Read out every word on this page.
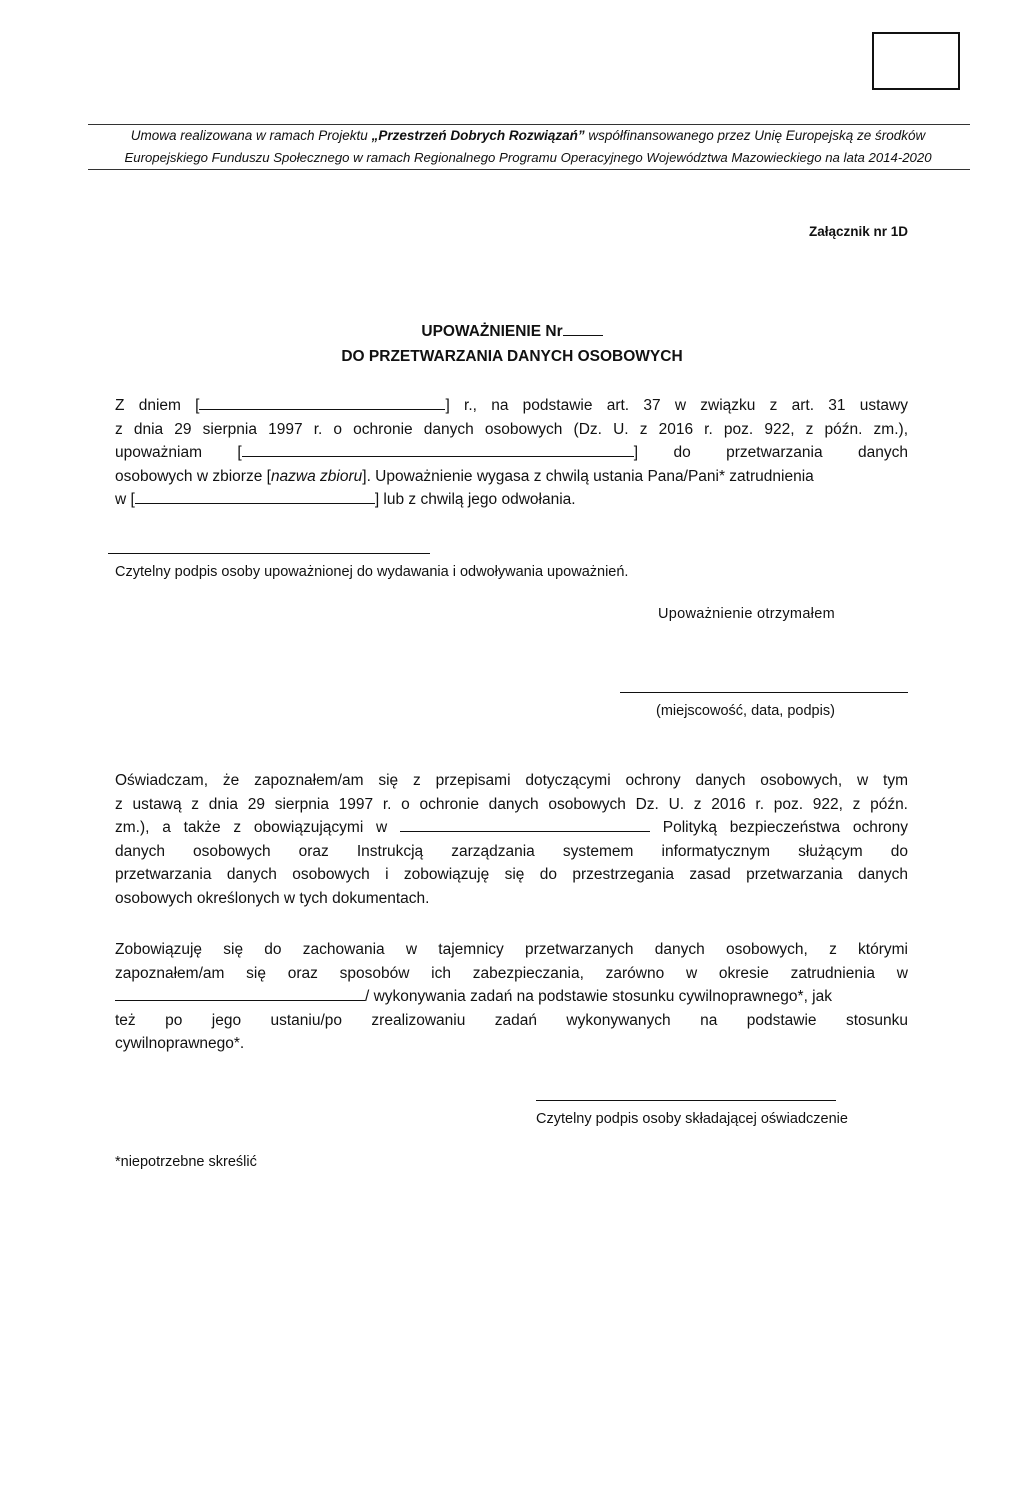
Umowa realizowana w ramach Projektu „Przestrzeń Dobrych Rozwiązań” współfinansowanego przez Unię Europejską ze środków
Europejskiego Funduszu Społecznego w ramach Regionalnego Programu Operacyjnego Województwa Mazowieckiego na lata 2014-2020
Załącznik nr 1D
UPOWAŻNIENIE Nr
DO PRZETWARZANIA DANYCH OSOBOWYCH
Z dniem [	] r., na podstawie art. 37 w związku z art. 31 ustawy
z dnia 29 sierpnia 1997 r. o ochronie danych osobowych (Dz. U. z 2016 r. poz. 922, z późn. zm.),
upoważniam [	] do przetwarzania danych
osobowych w zbiorze [nazwa zbioru]. Upoważnienie wygasa z chwilą ustania Pana/Pani* zatrudnienia
w [	] lub z chwilą jego odwołania.
Czytelny podpis osoby upoważnionej do wydawania i odwoływania upoważnień.
Upoważnienie otrzymałem
(miejscowość, data, podpis)
Oświadczam, że zapoznałem/am się z przepisami dotyczącymi ochrony danych osobowych, w tym
z ustawą z dnia 29 sierpnia 1997 r. o ochronie danych osobowych Dz. U. z 2016 r. poz. 922, z późn.
zm.), a także z obowiązującymi w	Polityką bezpieczeństwa ochrony
danych osobowych oraz Instrukcją zarządzania systemem informatycznym służącym do
przetwarzania danych osobowych i zobowiązuję się do przestrzegania zasad przetwarzania danych
osobowych określonych w tych dokumentach.
Zobowiązuję się do zachowania w tajemnicy przetwarzanych danych osobowych, z którymi
zapoznałem/am się oraz sposobów ich zabezpieczania, zarówno w okresie zatrudnienia w
/ wykonywania zadań na podstawie stosunku cywilnoprawnego*, jak
też po jego ustaniu/po zrealizowaniu zadań wykonywanych na podstawie stosunku
cywilnoprawnego*.
Czytelny podpis osoby składającej oświadczenie
*niepotrzebne skreślić
